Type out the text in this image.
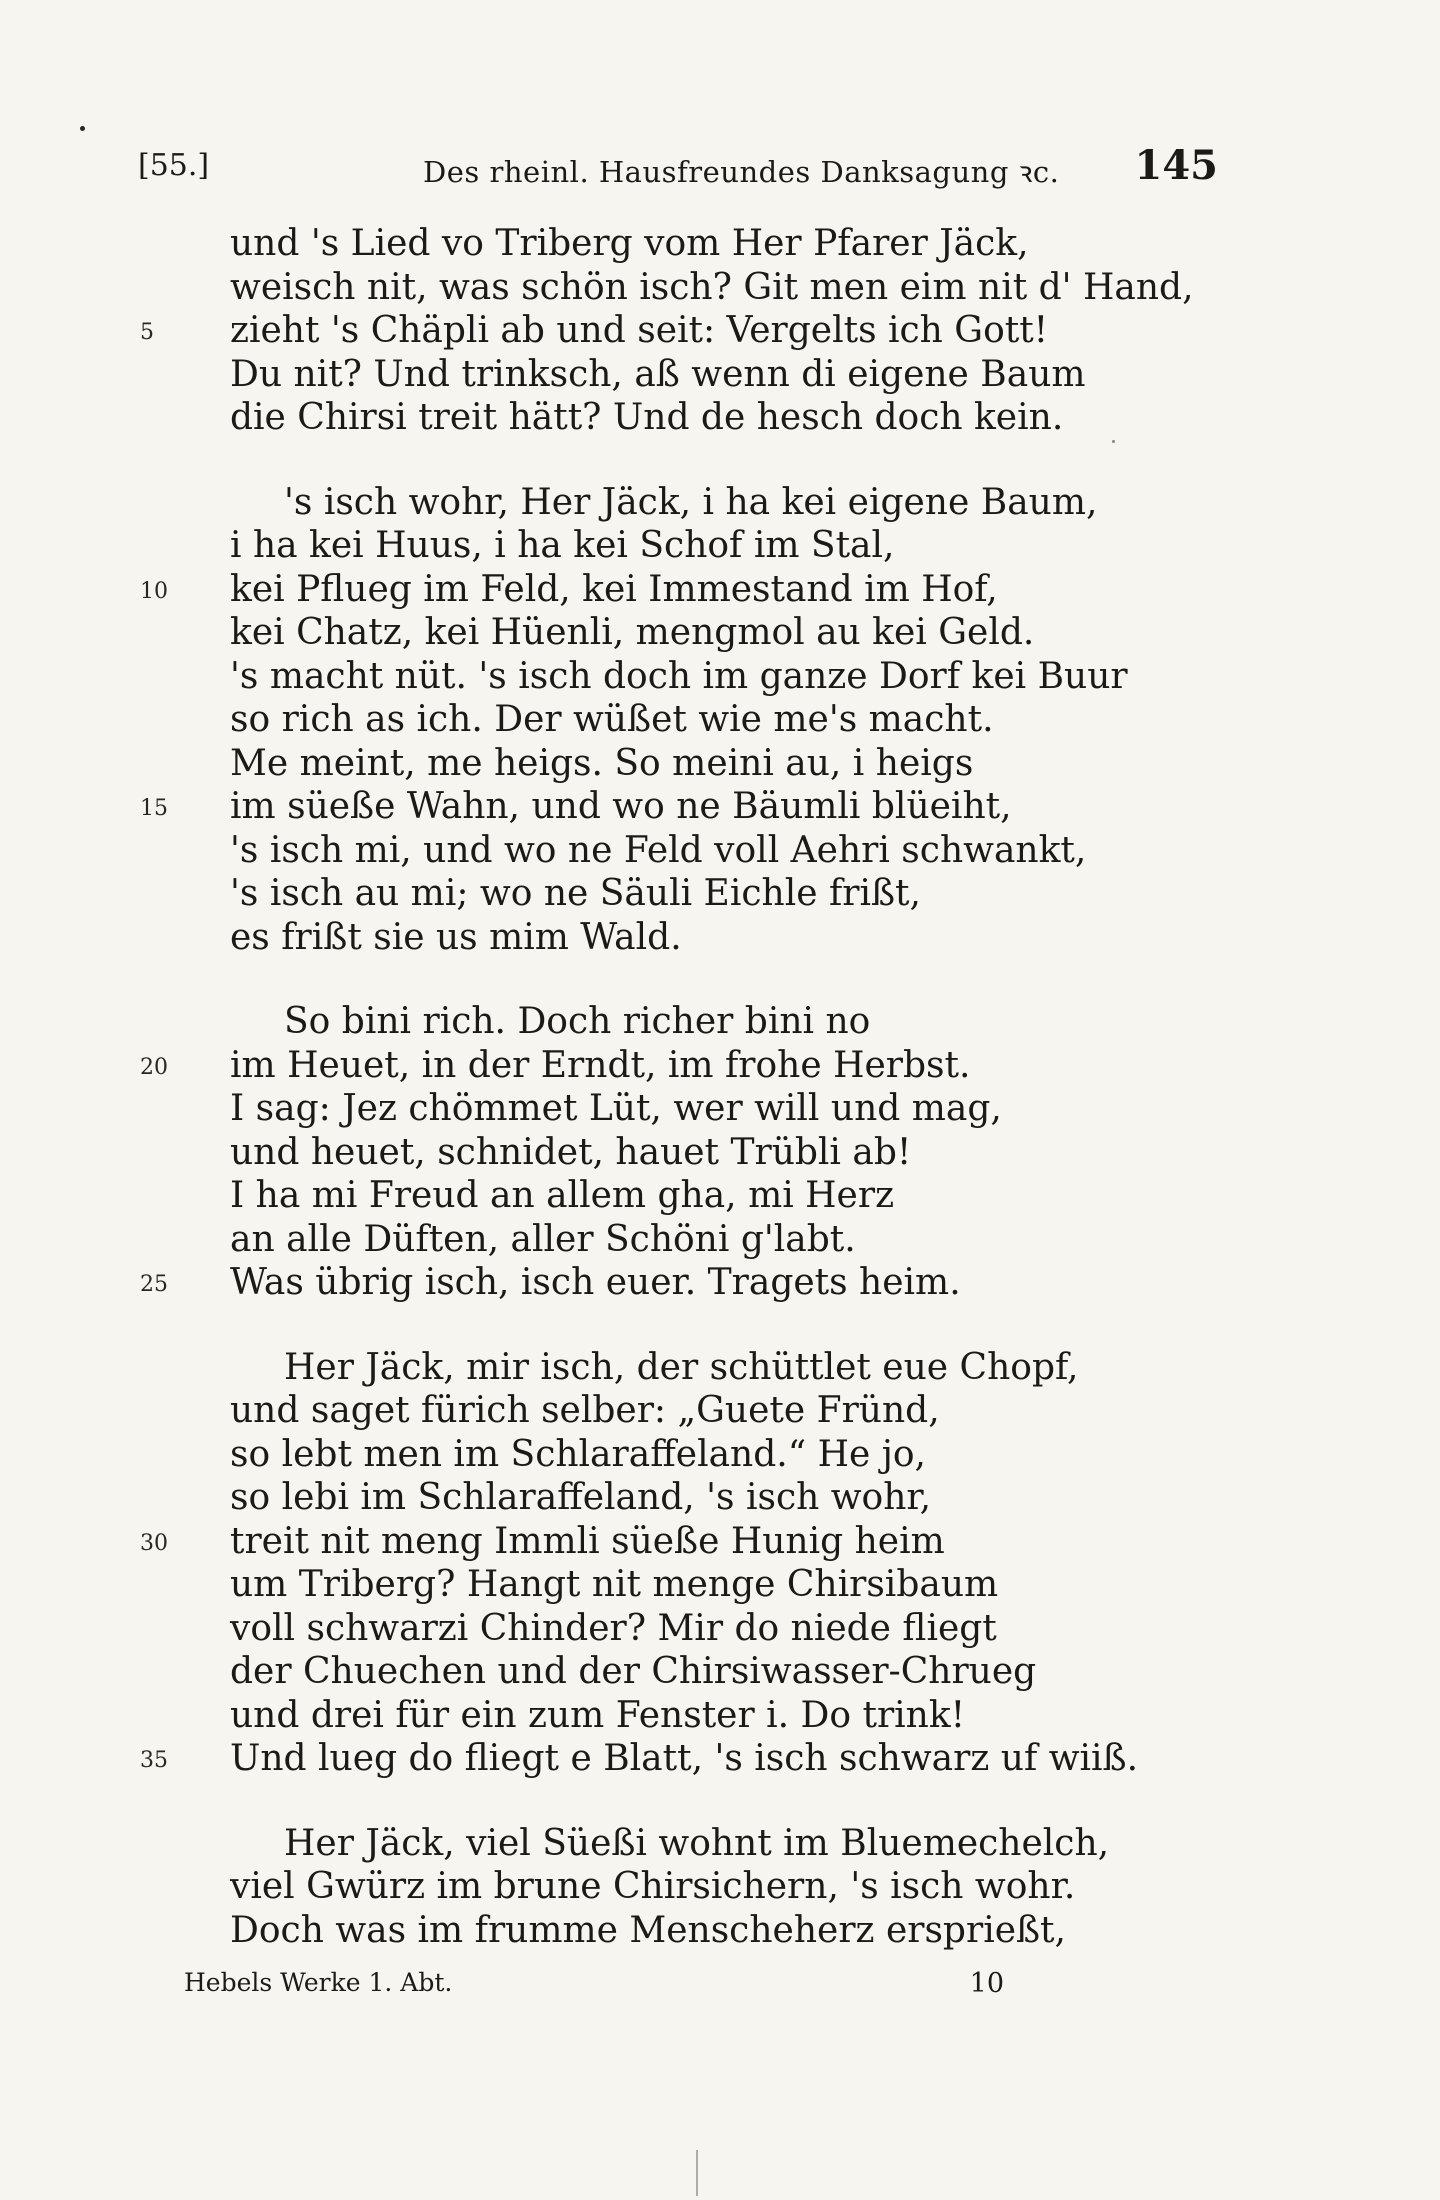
[55.]	Des rheinl. Hausfreundes Danksagung ꝛc. 145
und 's Lied vo Triberg vom Her Pfarer Jäck,
weisch nit, was schön isch? Git men eim nit d' Hand,
5 zieht 's Chäpli ab und seit: Vergelts ich Gott!
Du nit? Und trinksch, aß wenn di eigene Baum
die Chirsi treit hätt? Und de hesch doch kein.
's isch wohr, Her Jäck, i ha kei eigene Baum,
i ha kei Huus, i ha kei Schof im Stal,
10 kei Pflueg im Feld, kei Immestand im Hof,
kei Chatz, kei Hüenli, mengmol au kei Geld.
's macht nüt. 's isch doch im ganze Dorf kei Buur
so rich as ich. Der wüßet wie me's macht.
Me meint, me heigs. So meini au, i heigs
15 im süeße Wahn, und wo ne Bäumli blüeiht,
's isch mi, und wo ne Feld voll Aehri schwankt,
's isch au mi; wo ne Säuli Eichle frißt,
es frißt sie us mim Wald.
So bini rich. Doch richer bini no
20 im Heuet, in der Erndt, im frohe Herbst.
I sag: Jez chömmet Lüt, wer will und mag,
und heuet, schnidet, hauet Trübli ab!
I ha mi Freud an allem gha, mi Herz
an alle Düften, aller Schöni g'labt.
25 Was übrig isch, isch euer. Tragets heim.
Her Jäck, mir isch, der schüttlet eue Chopf,
und saget fürich selber: „Guete Fründ,
so lebt men im Schlaraffeland.“ He jo,
so lebi im Schlaraffeland, 's isch wohr,
30 treit nit meng Immli süeße Hunig heim
um Triberg? Hangt nit menge Chirsibaum
voll schwarzi Chinder? Mir do niede fliegt
der Chuechen und der Chirsiwasser-Chrueg
und drei für ein zum Fenster i. Do trink!
35 Und lueg do fliegt e Blatt, 's isch schwarz uf wiiß.
Her Jäck, viel Süeßi wohnt im Bluemechelch,
viel Gwürz im brune Chirsichern, 's isch wohr.
Doch was im frumme Menscheherz erspriеßt,
Hebels Werke 1. Abt.	10
